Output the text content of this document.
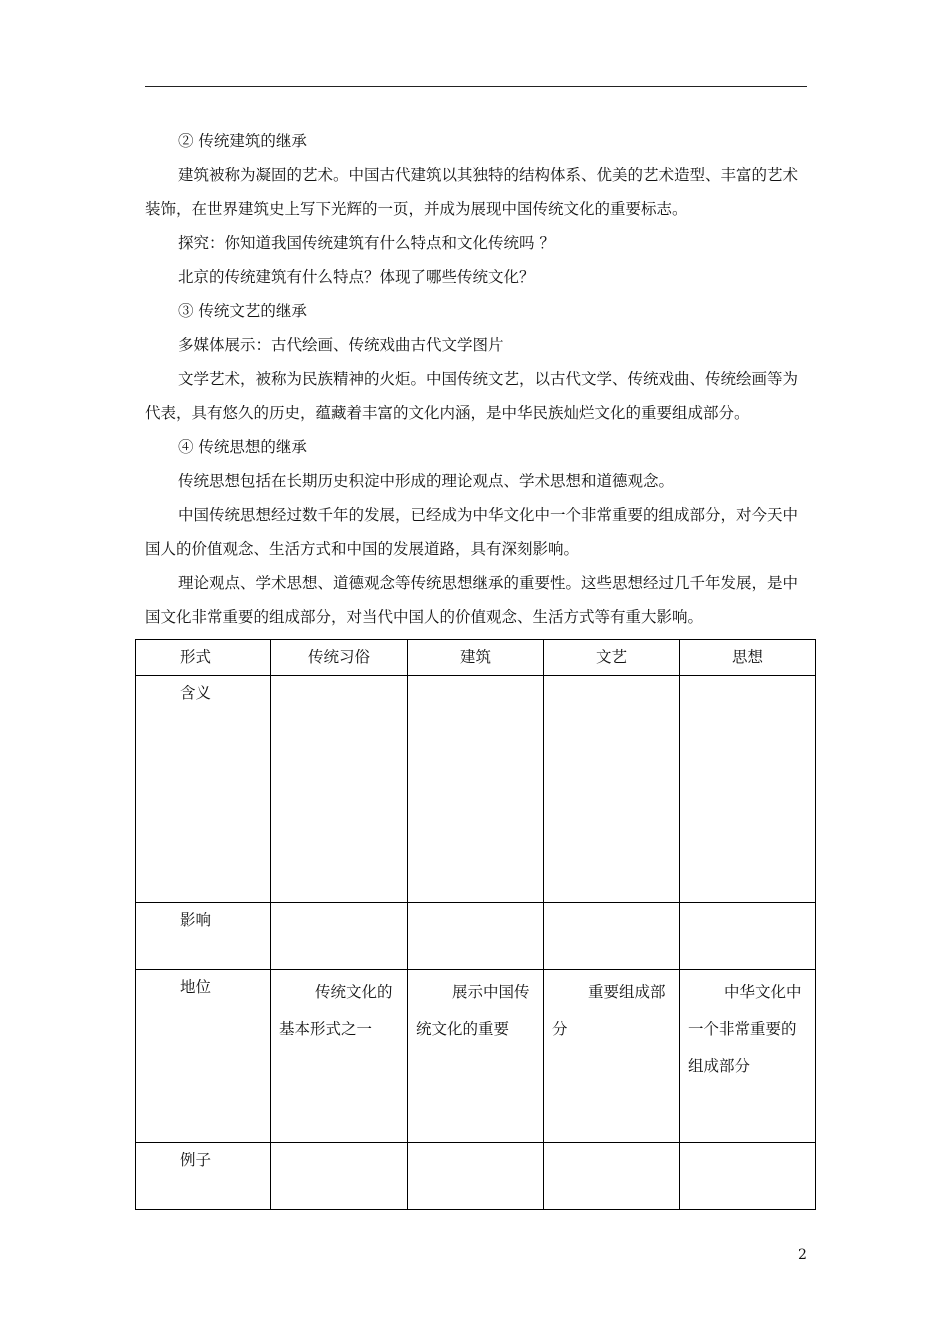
② 传统建筑的继承

建筑被称为凝固的艺术。中国古代建筑以其独特的结构体系、优美的艺术造型、丰富的艺术装饰，在世界建筑史上写下光辉的一页，并成为展现中国传统文化的重要标志。

探究：你知道我国传统建筑有什么特点和文化传统吗 ？

北京的传统建筑有什么特点？体现了哪些传统文化？

③ 传统文艺的继承

多媒体展示：古代绘画、传统戏曲古代文学图片

文学艺术，被称为民族精神的火炬。中国传统文艺，以古代文学、传统戏曲、传统绘画等为代表，具有悠久的历史，蕴藏着丰富的文化内涵，是中华民族灿烂文化的重要组成部分。

④ 传统思想的继承

传统思想包括在长期历史积淀中形成的理论观点、学术思想和道德观念。

中国传统思想经过数千年的发展，已经成为中华文化中一个非常重要的组成部分，对今天中　国人的价值观念、生活方式和中国的发展道路，具有深刻影响。

理论观点、学术思想、道德观念等传统思想继承的重要性。这些思想经过几千年发展，是中国文化非常重要的组成部分，对当代中国人的价值观念、生活方式等有重大影响。

形式	传统习俗	建筑	文艺	思想
含义				
影响				
地位	传统文化的基本形式之一	展示中国传统文化的重要	重要组成部分	中华文化中一个非常重要的组成部分
例子				
2
